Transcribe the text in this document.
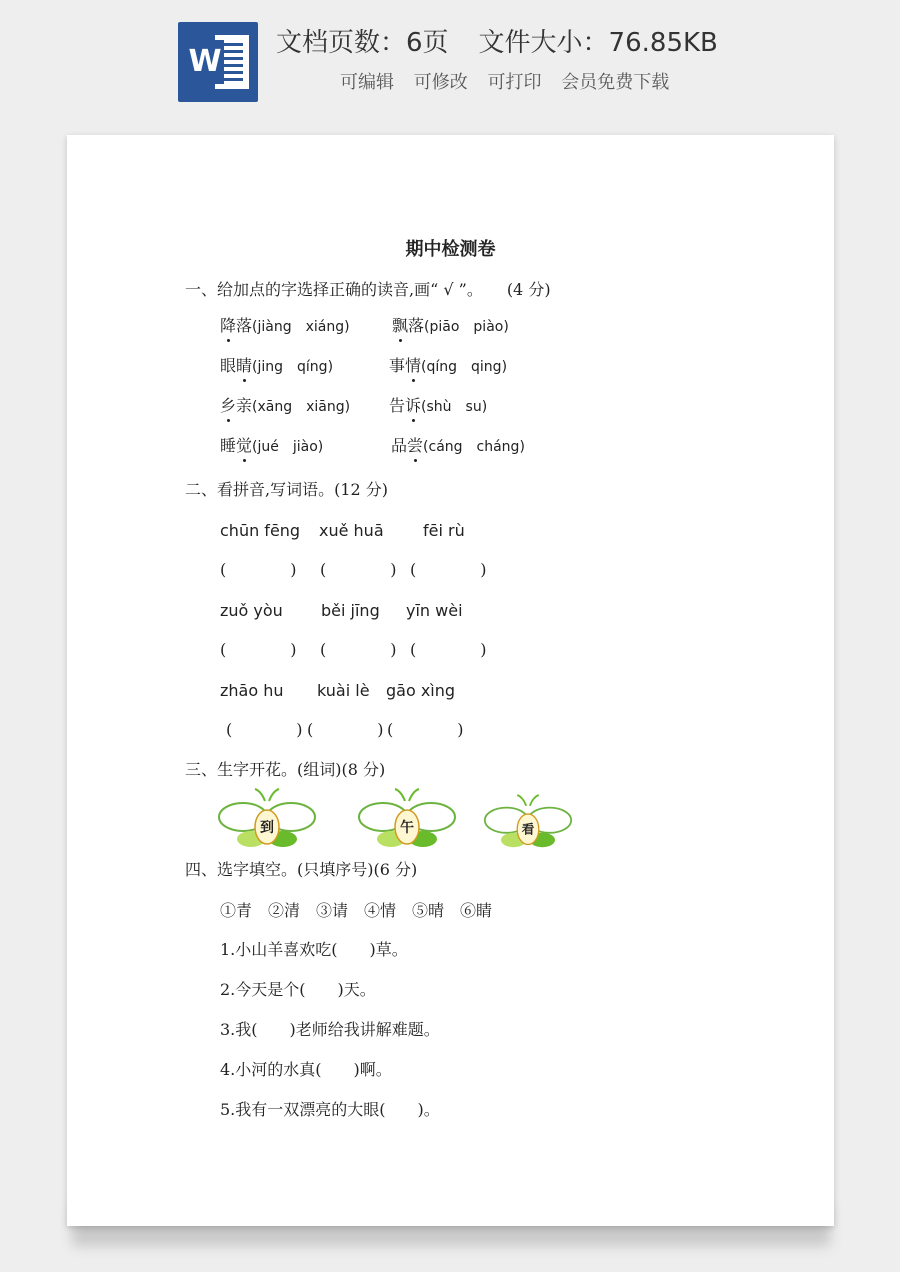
W
文档页数：6页 文件大小：76.85KB
可编辑 可修改 可打印 会员免费下载
期中检测卷
一、给加点的字选择正确的读音,画“ √ ”。　　(4 分)
降落(jiàng　xiáng)	飘落(piāo　piào)
眼睛(jing　qíng)	事情(qíng　qing)
乡亲(xāng　xiāng) 告诉(shù　su)
睡觉(jué　jiào)	品尝(cáng　cháng)
二、看拼音,写词语。(12 分)
chūn fēng xuě huā fēi rù
(　　　　) (　　　　) (　　　　)
zuǒ yòu běi jīng yīn wèi
(　　　　) (　　　　) (　　　　)
zhāo hu kuài lè gāo xìng
(　　　　) (　　　　) (　　　　)
三、生字开花。(组词)(8 分)
到	午	看
四、选字填空。(只填序号)(6 分)
①青　②清　③请　④情　⑤晴　⑥睛
1.小山羊喜欢吃(　　)草。
2.今天是个(　　)天。
3.我(　　)老师给我讲解难题。
4.小河的水真(　　)啊。
5.我有一双漂亮的大眼(　　)。
